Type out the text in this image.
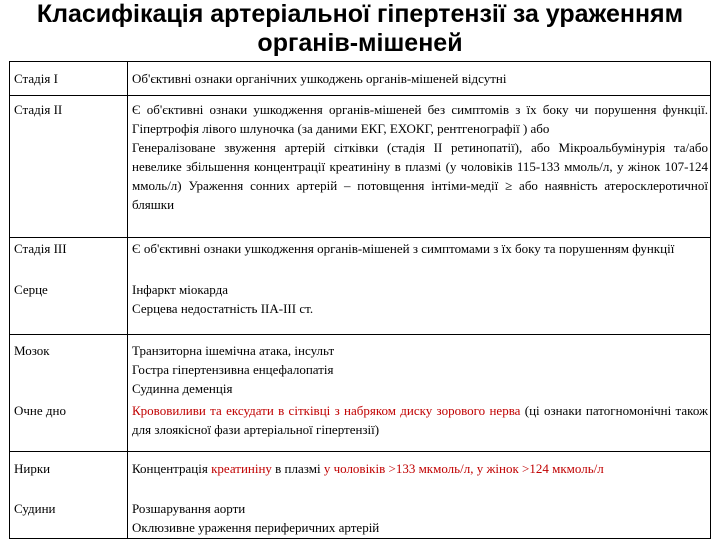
Класифікація артеріальної гіпертензії за ураженням
органів-мішеней
Стадія I	Об'єктивні ознаки органічних ушкоджень органів-мішеней відсутні
Стадія II	Є об'єктивні ознаки ушкодження органів-мішеней без симптомів з їх боку чи порушення функції. Гіпертрофія лівого шлуночка (за даними ЕКГ, ЕХОКГ, рентгенографії ) або
Генералізоване звуження артерій сітківки (стадія II ретинопатії), або Мікроальбумінурія та/або невелике збільшення концентрації креатиніну в плазмі (у чоловіків 115-133 ммоль/л, у жінок 107-124 ммоль/л) Ураження сонних артерій – потовщення інтіми-медії ≥ або наявність атеросклеротичної бляшки
Стадія III	Є об'єктивні ознаки ушкодження органів-мішеней з симптомами з їх боку та порушенням функції
Серце	Інфаркт міокарда
Серцева недостатність IIA-III ст.
Мозок	Транзиторна ішемічна атака, інсульт
Гостра гіпертензивна енцефалопатія
Судинна деменція
Очне дно	Крововиливи та ексудати в сітківці з набряком диску зорового нерва (ці ознаки патогномонічні також для злоякісної фази артеріальної гіпертензії)
Нирки	Концентрація креатиніну в плазмі у чоловіків >133 мкмоль/л, у жінок >124 мкмоль/л
Судини	Розшарування аорти
Оклюзивне ураження периферичних артерій
